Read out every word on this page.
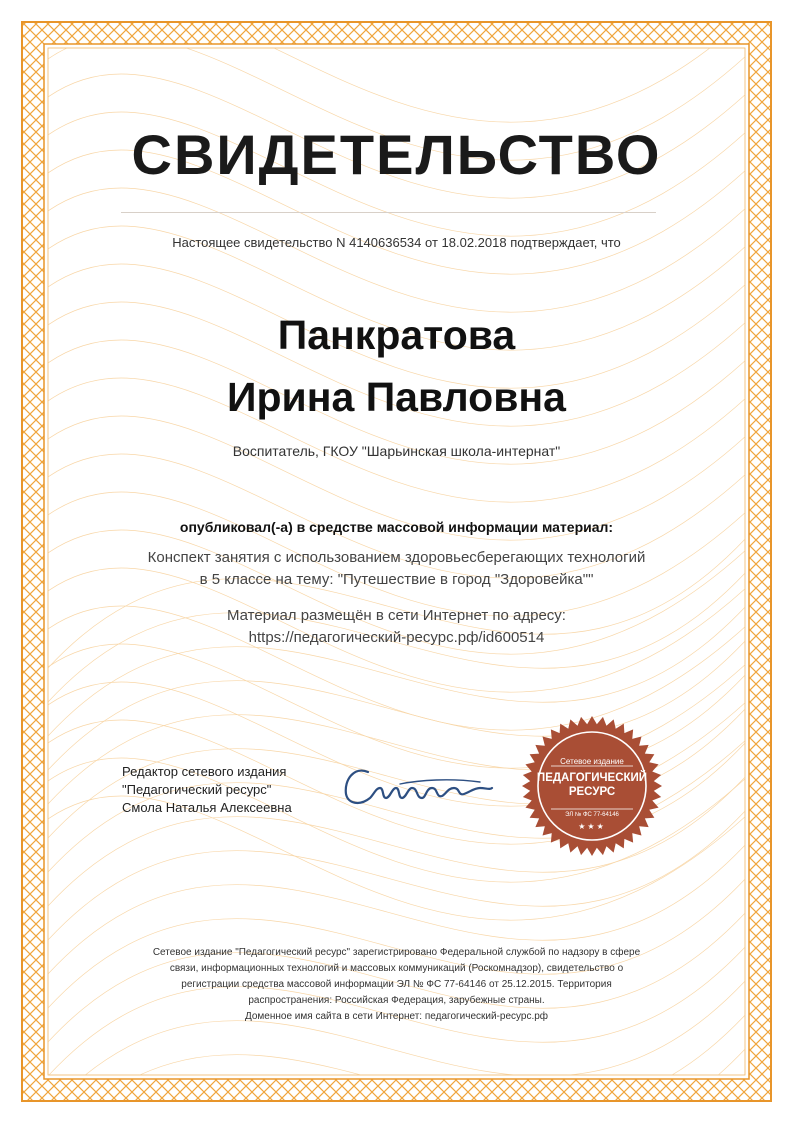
СВИДЕТЕЛЬСТВО
Настоящее свидетельство N 4140636534 от 18.02.2018 подтверждает, что
Панкратова
Ирина Павловна
Воспитатель, ГКОУ "Шарьинская школа-интернат"
опубликовал(-а) в средстве массовой информации материал:
Конспект занятия с использованием здоровьесберегающих технологий
в 5 классе на тему: "Путешествие в город "Здоровейка""
Материал размещён в сети Интернет по адресу:
https://педагогический-ресурс.рф/id600514
Редактор сетевого издания
"Педагогический ресурс"
Смола Наталья Алексеевна
Сетевое издание
ПЕДАГОГИЧЕСКИЙ
РЕСУРС
ЭЛ № ФС 77-64146
★★★
Сетевое издание "Педагогический ресурс" зарегистрировано Федеральной службой по надзору в сфере
связи, информационных технологий и массовых коммуникаций (Роскомнадзор), свидетельство о
регистрации средства массовой информации ЭЛ № ФС 77-64146 от 25.12.2015. Территория
распространения: Российская Федерация, зарубежные страны.
Доменное имя сайта в сети Интернет: педагогический-ресурс.рф
